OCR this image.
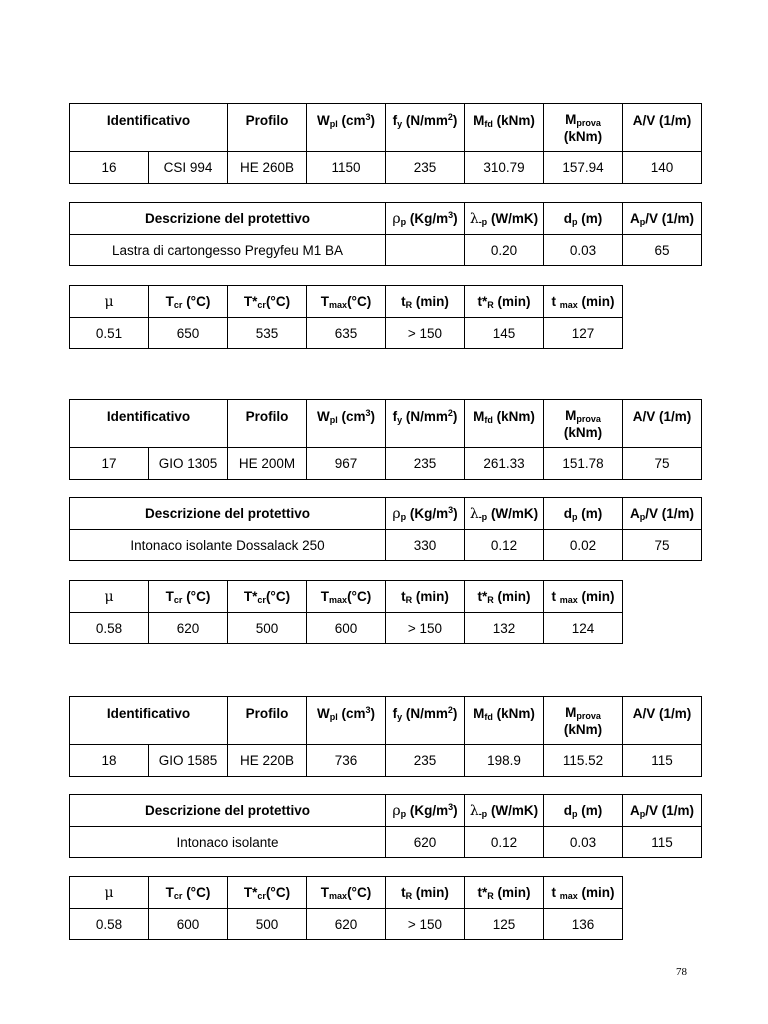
Identificativo		Profilo	$W_{pl}$ $(cm^3)$	$f_y$ $(N/mm^2)$	$M_{fd}$ (kNm)	$M_{prova}$
(kNm)	A/V (1/m)
16	CSI 994	HE 260B	1150	235	310.79	157.94	140
Descrizione del protettivo	$\rho_p$ $(Kg/m^3)$	$\lambda_{-p}$ (W/mK)	$d_p$ (m)	$A_p/V$ (1/m)
Lastra di cartongesso Pregyfeu M1 BA		0.20	0.03	65
μ	$T_{cr}$ (°C)	$T*_{cr}(^\circ C)$	$T_{max}(^\circ C)$	$t_R$ (min)	$t*_R$ (min)	t $_{max}$ (min)
0.51	650	535	635	> 150	145	127
Identificativo		Profilo	$W_{pl}$ $(cm^3)$	$f_y$ $(N/mm^2)$	$M_{fd}$ (kNm)	$M_{prova}$
(kNm)	A/V (1/m)
17	GIO 1305	HE 200M	967	235	261.33	151.78	75
Descrizione del protettivo	$\rho_p$ $(Kg/m^3)$	$\lambda_{-p}$ (W/mK)	$d_p$ (m)	$A_p/V$ (1/m)
Intonaco isolante Dossalack 250	330	0.12	0.02	75
μ	$T_{cr}$ (°C)	$T*_{cr}(^\circ C)$	$T_{max}(^\circ C)$	$t_R$ (min)	$t*_R$ (min)	t $_{max}$ (min)
0.58	620	500	600	> 150	132	124
Identificativo		Profilo	$W_{pl}$ $(cm^3)$	$f_y$ $(N/mm^2)$	$M_{fd}$ (kNm)	$M_{prova}$
(kNm)	A/V (1/m)
18	GIO 1585	HE 220B	736	235	198.9	115.52	115
Descrizione del protettivo	$\rho_p$ $(Kg/m^3)$	$\lambda_{-p}$ (W/mK)	$d_p$ (m)	$A_p/V$ (1/m)
Intonaco isolante	620	0.12	0.03	115
μ	$T_{cr}$ (°C)	$T*_{cr}(^\circ C)$	$T_{max}(^\circ C)$	$t_R$ (min)	$t*_R$ (min)	t $_{max}$ (min)
0.58	600	500	620	> 150	125	136
78
